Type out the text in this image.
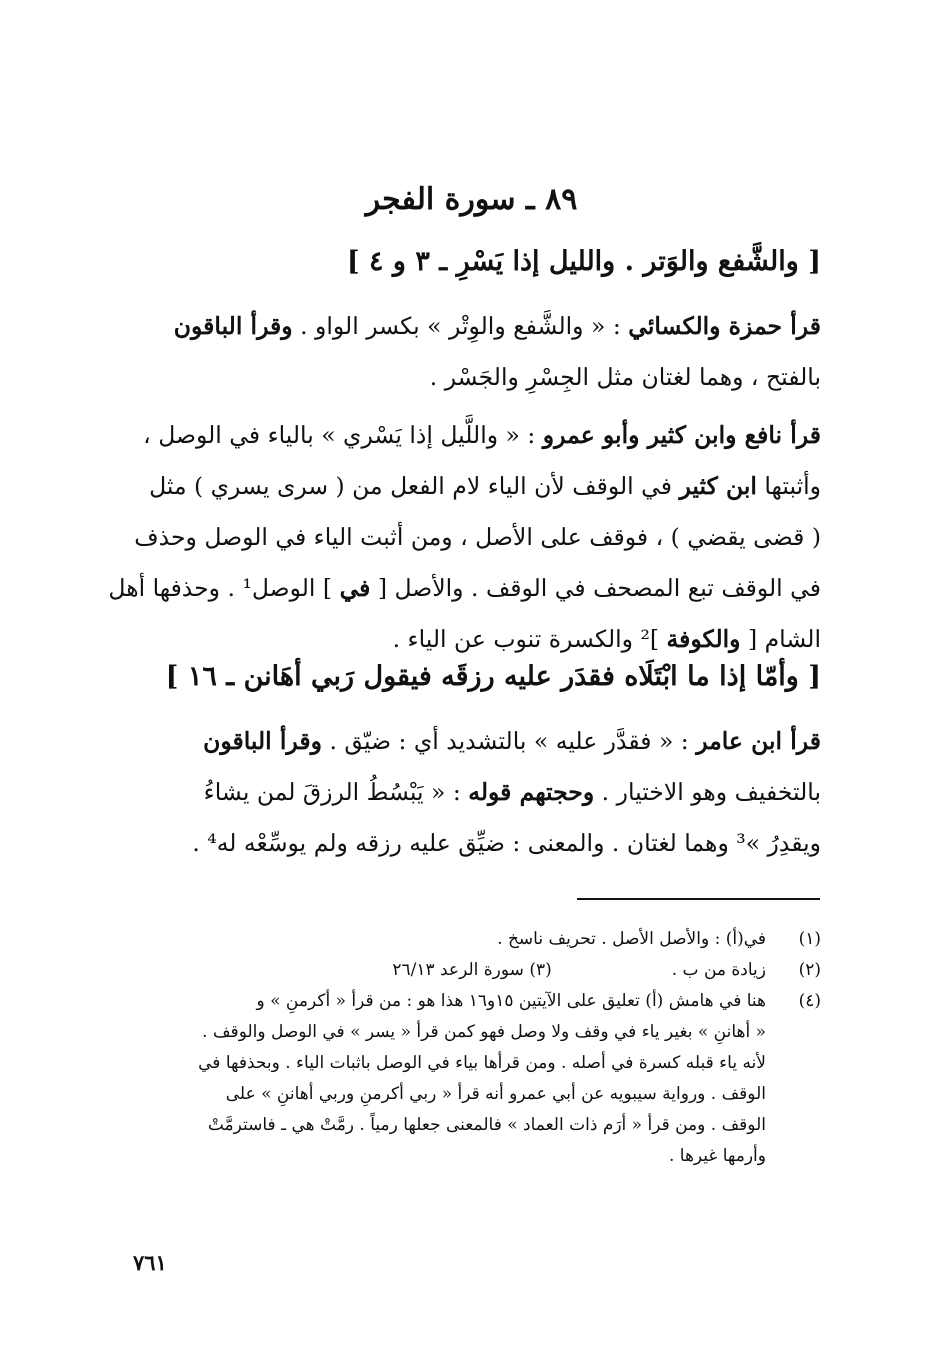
٨٩ ـ سورة الفجر
[ والشَّفع والوَتر . والليل إذا يَسْرِ ـ ٣ و ٤ ]
قرأ حمزة والكسائي : « والشَّفع والوِتْر » بكسر الواو . وقرأ الباقون
بالفتح ، وهما لغتان مثل الجِسْرِ والجَسْر .
قرأ نافع وابن كثير وأبو عمرو : « واللَّيل إذا يَسْري » بالياء في الوصل ،
وأثبتها ابن كثير في الوقف لأن الياء لام الفعل من ( سرى يسري ) مثل
( قضى يقضي ) ، فوقف على الأصل ، ومن أثبت الياء في الوصل وحذف
في الوقف تبع المصحف في الوقف . والأصل [ في ] الوصل¹ . وحذفها أهل
الشام [ والكوفة ]² والكسرة تنوب عن الياء .
[ وأمّا إذا ما ابْتَلَاه فقدَر عليه رزقَه فيقول رَبي أهَانن ـ ١٦ ]
قرأ ابن عامر : « فقدَّر عليه » بالتشديد أي : ضيّق . وقرأ الباقون
بالتخفيف وهو الاختيار . وحجتهم قوله : « يَبْسُطُ الرزقَ لمن يشاءُ
ويقدِرُ »³ وهما لغتان . والمعنى : ضيِّق عليه رزقه ولم يوسِّعْه له⁴ .
(١)
في(أ) : والأصل الأصل . تحريف ناسخ .
(٢)
زيادة من ب .(٣) سورة الرعد ٢٦/١٣
(٤)
هنا في هامش (أ) تعليق على الآيتين ١٥و١٦ هذا هو : من قرأ « أكرمنِ » و
« أهاننِ » بغير ياء في وقف ولا وصل فهو كمن قرأ « يسر » في الوصل والوقف .
لأنه ياء قبله كسرة في أصله . ومن قرأها بياء في الوصل باثبات الياء . وبحذفها في
الوقف . ورواية سيبويه عن أبي عمرو أنه قرأ « ربي أكرمنِ وربي أهاننِ » على
الوقف . ومن قرأ « أرَم ذات العماد » فالمعنى جعلها رمياً . رمَّتْ هي ـ فاسترمَّتْ
وأرمها غيرها .
٧٦١
